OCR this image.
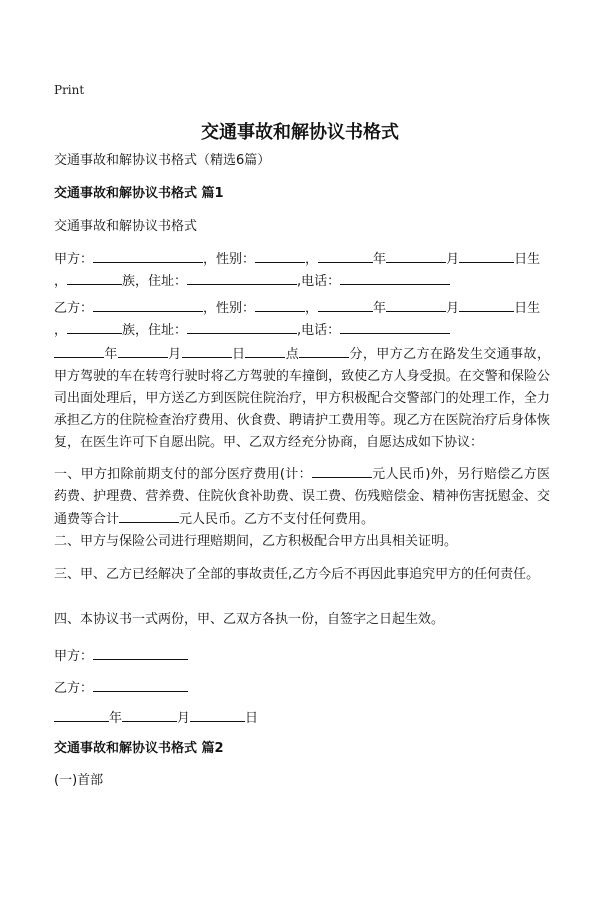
Print
交通事故和解协议书格式
交通事故和解协议书格式（精选6篇）
交通事故和解协议书格式 篇1
交通事故和解协议书格式
甲方：	，性别：	，	年	月	日生
，	族，住址：	,电话：
乙方：	，性别：	，	年	月	日生
，	族，住址：	,电话：
年	月	日	点	分，甲方乙方在路发生交通事故，甲方驾驶的车在转弯行驶时将乙方驾驶的车撞倒，致使乙方人身受损。在交警和保险公司出面处理后，甲方送乙方到医院住院治疗，甲方积极配合交警部门的处理工作，全力承担乙方的住院检查治疗费用、伙食费、聘请护工费用等。现乙方在医院治疗后身体恢复，在医生许可下自愿出院。甲、乙双方经充分协商，自愿达成如下协议：
一、甲方扣除前期支付的部分医疗费用(计：	元人民币)外，另行赔偿乙方医药费、护理费、营养费、住院伙食补助费、误工费、伤残赔偿金、精神伤害抚慰金、交通费等合计	元人民币。乙方不支付任何费用。
二、甲方与保险公司进行理赔期间，乙方积极配合甲方出具相关证明。
三、甲、乙方已经解决了全部的事故责任,乙方今后不再因此事追究甲方的任何责任。
四、本协议书一式两份，甲、乙双方各执一份，自签字之日起生效。
甲方：
乙方：
年	月	日
交通事故和解协议书格式 篇2
(一)首部
